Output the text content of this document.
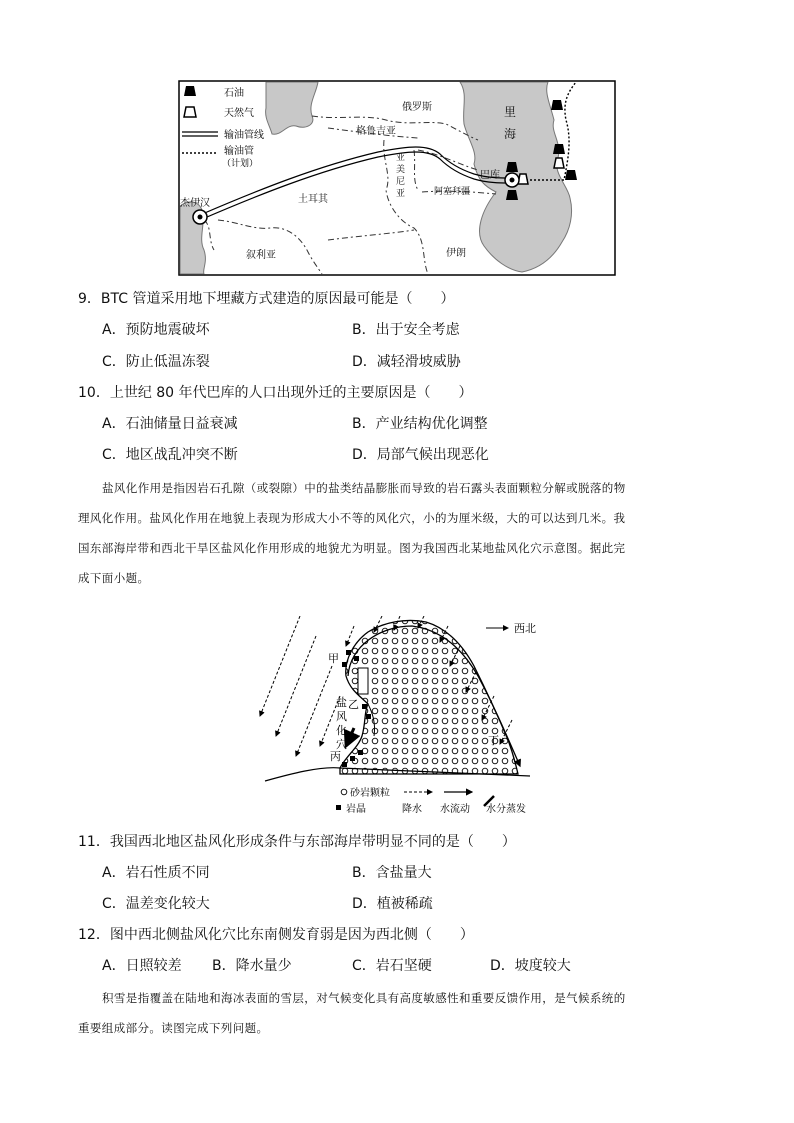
石油
天然气
输油管线
输油管
（计划）
俄罗斯	里
海
格鲁吉亚
亚
美
尼
亚
巴库
阿塞拜疆
杰伊汉	土耳其
叙利亚	伊朗
9．BTC 管道采用地下埋藏方式建造的原因最可能是（　　）
A．预防地震破坏	B．出于安全考虑
C．防止低温冻裂	D．减轻滑坡威胁
10．上世纪 80 年代巴库的人口出现外迁的主要原因是（　　）
A．石油储量日益衰减	B．产业结构优化调整
C．地区战乱冲突不断	D．局部气候出现恶化
盐风化作用是指因岩石孔隙（或裂隙）中的盐类结晶膨胀而导致的岩石露头表面颗粒分解或脱落的物
理风化作用。盐风化作用在地貌上表现为形成大小不等的风化穴，小的为厘米级，大的可以达到几米。我
国东部海岸带和西北干旱区盐风化作用形成的地貌尤为明显。图为我国西北某地盐风化穴示意图。据此完
成下面小题。
西北
甲
乙
丙
丁
盐
风
化
穴
砂岩颗粒
岩晶	降水 水流动 水分蒸发
11．我国西北地区盐风化形成条件与东部海岸带明显不同的是（　　）
A．岩石性质不同	B．含盐量大
C．温差变化较大	D．植被稀疏
12．图中西北侧盐风化穴比东南侧发育弱是因为西北侧（　　）
A．日照较差 B．降水量少	C．岩石坚硬	D．坡度较大
积雪是指覆盖在陆地和海冰表面的雪层，对气候变化具有高度敏感性和重要反馈作用，是气候系统的
重要组成部分。读图完成下列问题。
